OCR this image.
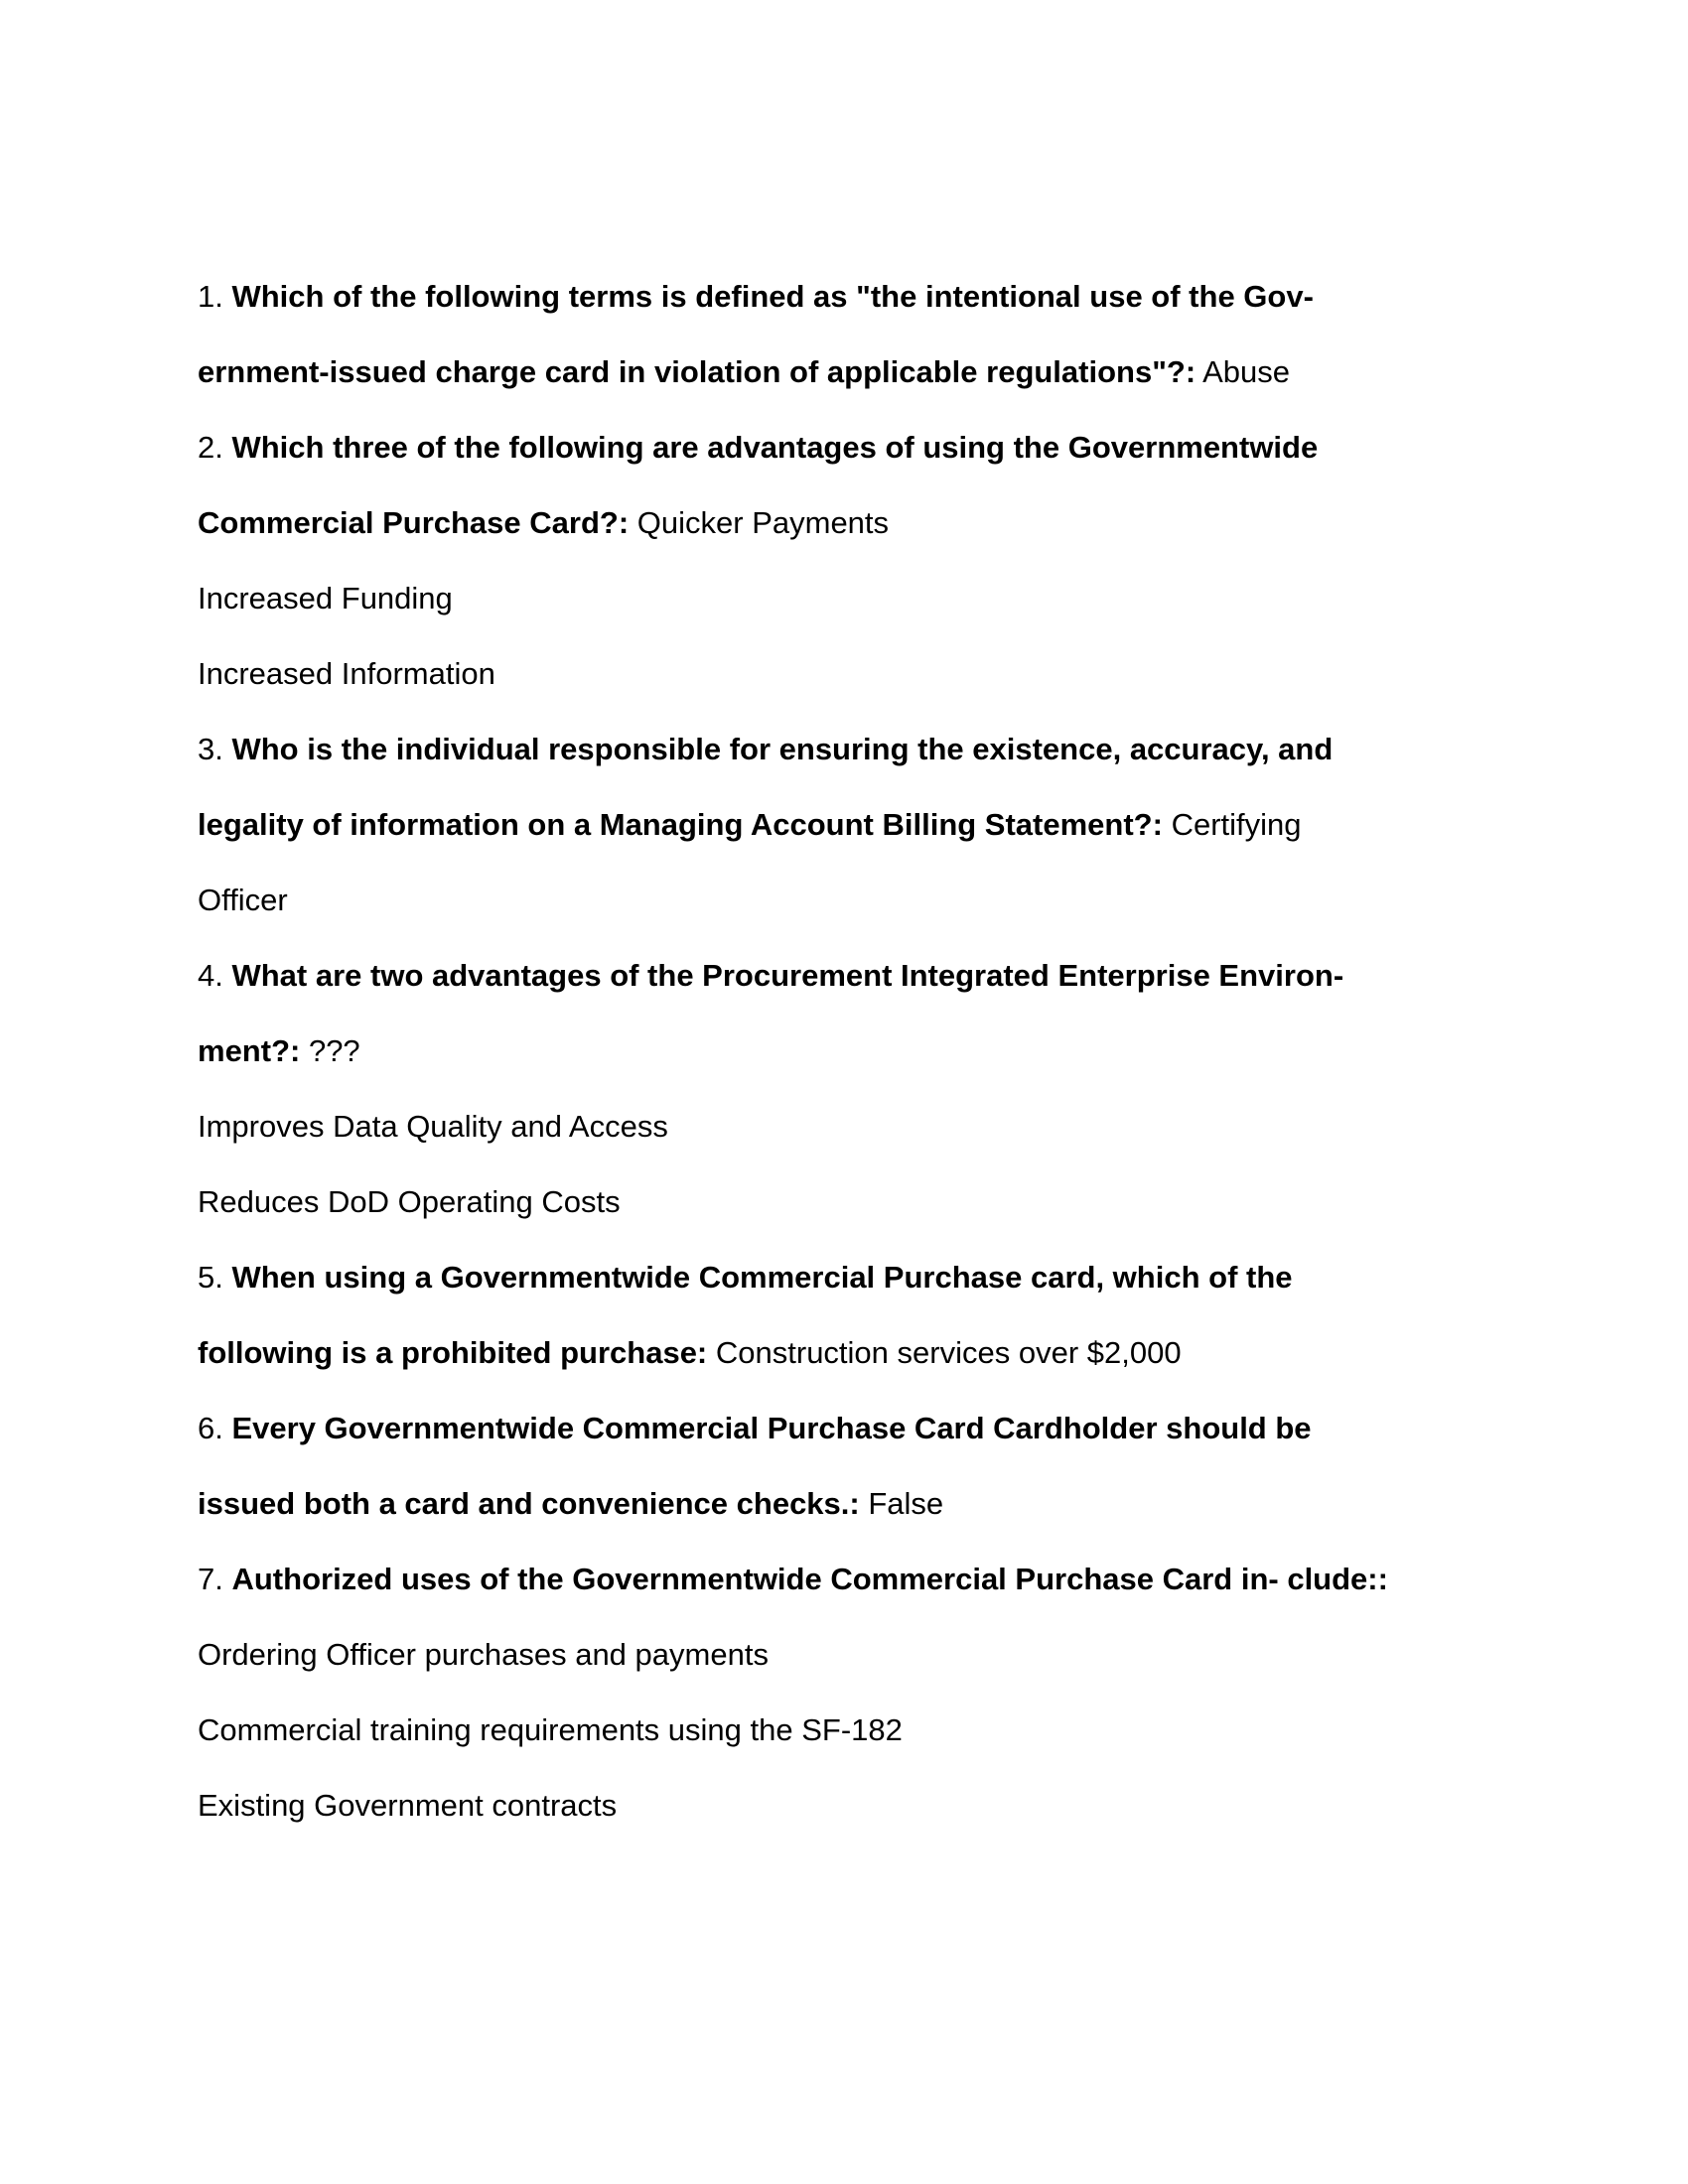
1. Which of the following terms is defined as "the intentional use of the Gov-
ernment-issued charge card in violation of applicable regulations"?: Abuse
2. Which three of the following are advantages of using the Governmentwide
Commercial Purchase Card?: Quicker Payments
Increased Funding
Increased Information
3. Who is the individual responsible for ensuring the existence, accuracy, and
legality of information on a Managing Account Billing Statement?: Certifying
Officer
4. What are two advantages of the Procurement Integrated Enterprise Environ-
ment?: ???
Improves Data Quality and Access
Reduces DoD Operating Costs
5. When using a Governmentwide Commercial Purchase card, which of the
following is a prohibited purchase: Construction services over $2,000
6. Every Governmentwide Commercial Purchase Card Cardholder should be
issued both a card and convenience checks.: False
7. Authorized uses of the Governmentwide Commercial Purchase Card in- clude::
Ordering Officer purchases and payments
Commercial training requirements using the SF-182
Existing Government contracts
